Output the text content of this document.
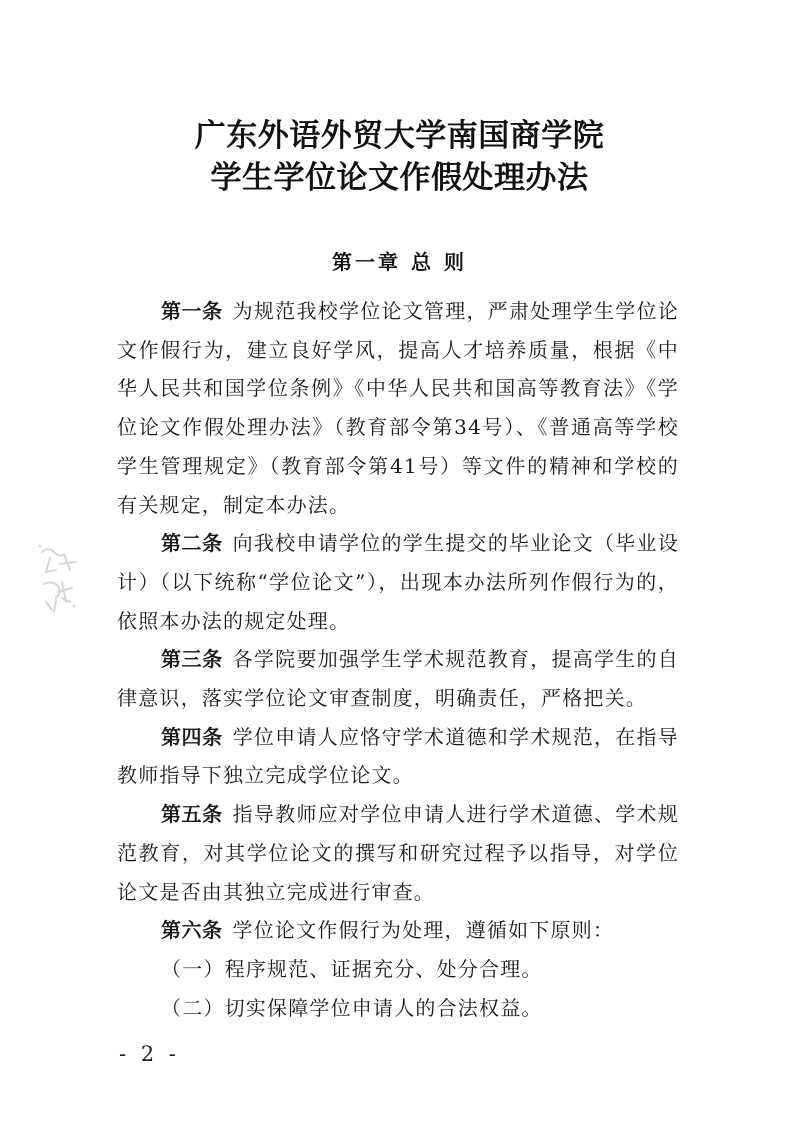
广东外语外贸大学南国商学院
学生学位论文作假处理办法
第一章 总 则

第一条 为规范我校学位论文管理，严肃处理学生学位论文作假行为，建立良好学风，提高人才培养质量，根据《中华人民共和国学位条例》《中华人民共和国高等教育法》《学位论文作假处理办法》（教育部令第34号）、《普通高等学校学生管理规定》（教育部令第41号）等文件的精神和学校的有关规定，制定本办法。

第二条 向我校申请学位的学生提交的毕业论文（毕业设计）（以下统称“学位论文”），出现本办法所列作假行为的，依照本办法的规定处理。

第三条 各学院要加强学生学术规范教育，提高学生的自律意识，落实学位论文审查制度，明确责任，严格把关。

第四条 学位申请人应恪守学术道德和学术规范，在指导教师指导下独立完成学位论文。

第五条 指导教师应对学位申请人进行学术道德、学术规范教育，对其学位论文的撰写和研究过程予以指导，对学位论文是否由其独立完成进行审查。

第六条 学位论文作假行为处理，遵循如下原则：

（一）程序规范、证据充分、处分合理。

（二）切实保障学位申请人的合法权益。

- 2 -
